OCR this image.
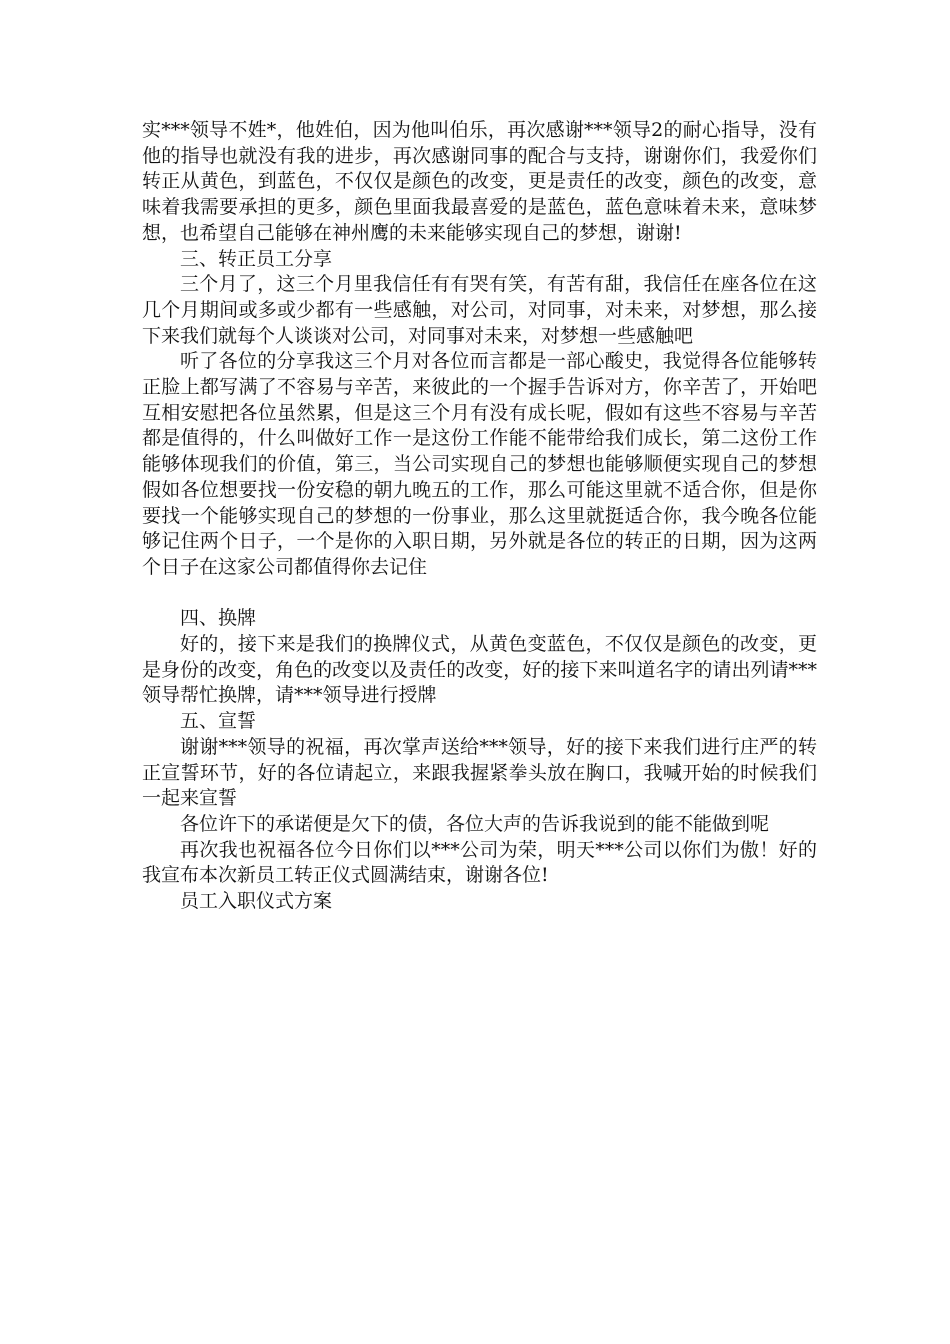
实***领导不姓*，他姓伯，因为他叫伯乐，再次感谢***领导2的耐心指导，没有他的指导也就没有我的进步，再次感谢同事的配合与支持，谢谢你们，我爱你们转正从黄色，到蓝色，不仅仅是颜色的改变，更是责任的改变，颜色的改变，意味着我需要承担的更多，颜色里面我最喜爱的是蓝色，蓝色意味着未来，意味梦想，也希望自己能够在神州鹰的未来能够实现自己的梦想，谢谢!

三、转正员工分享

三个月了，这三个月里我信任有有哭有笑，有苦有甜，我信任在座各位在这几个月期间或多或少都有一些感触，对公司，对同事，对未来，对梦想，那么接下来我们就每个人谈谈对公司，对同事对未来，对梦想一些感触吧

听了各位的分享我这三个月对各位而言都是一部心酸史，我觉得各位能够转正脸上都写满了不容易与辛苦，来彼此的一个握手告诉对方，你辛苦了，开始吧互相安慰把各位虽然累，但是这三个月有没有成长呢，假如有这些不容易与辛苦都是值得的，什么叫做好工作一是这份工作能不能带给我们成长，第二这份工作能够体现我们的价值，第三，当公司实现自己的梦想也能够顺便实现自己的梦想假如各位想要找一份安稳的朝九晚五的工作，那么可能这里就不适合你，但是你要找一个能够实现自己的梦想的一份事业，那么这里就挺适合你，我今晚各位能够记住两个日子，一个是你的入职日期，另外就是各位的转正的日期，因为这两个日子在这家公司都值得你去记住

四、换牌

好的，接下来是我们的换牌仪式，从黄色变蓝色，不仅仅是颜色的改变，更是身份的改变，角色的改变以及责任的改变，好的接下来叫道名字的请出列请***领导帮忙换牌，请***领导进行授牌

五、宣誓

谢谢***领导的祝福，再次掌声送给***领导，好的接下来我们进行庄严的转正宣誓环节，好的各位请起立，来跟我握紧拳头放在胸口，我喊开始的时候我们一起来宣誓

各位许下的承诺便是欠下的债，各位大声的告诉我说到的能不能做到呢

再次我也祝福各位今日你们以***公司为荣，明天***公司以你们为傲！好的我宣布本次新员工转正仪式圆满结束，谢谢各位!

员工入职仪式方案
